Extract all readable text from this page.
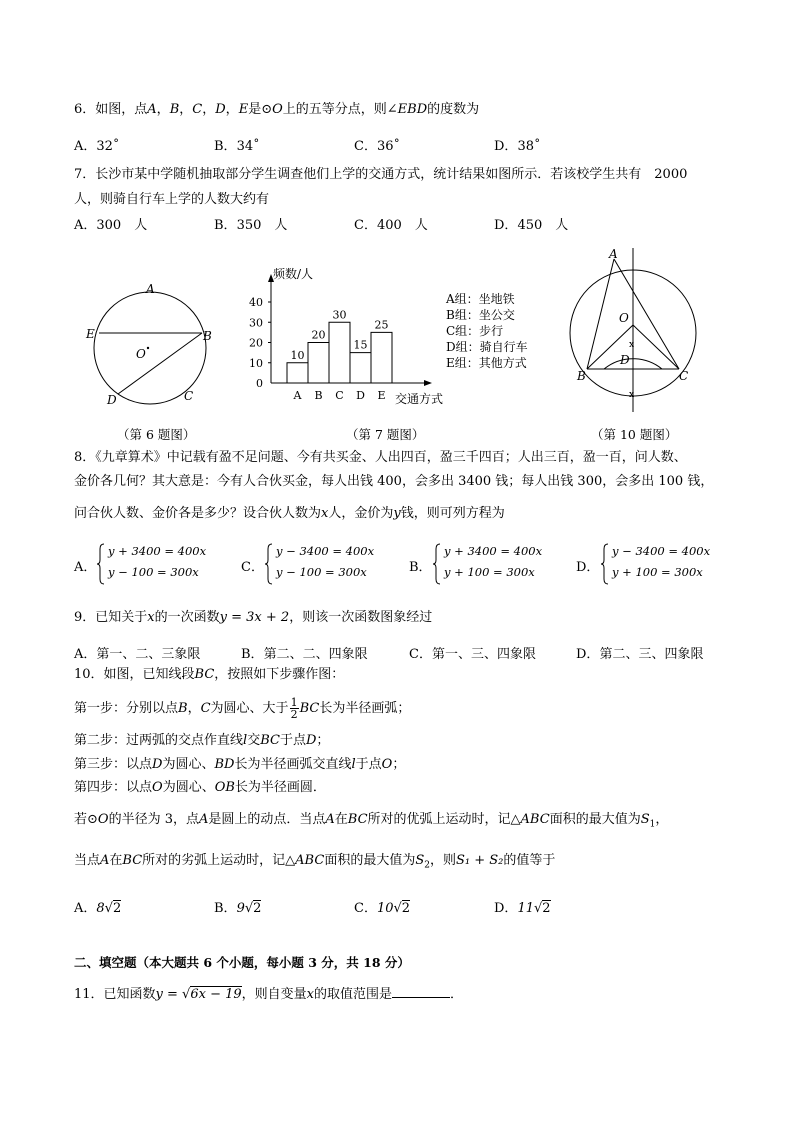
6．如图，点A，B，C，D，E是⊙O上的五等分点，则∠EBD的度数为
A．32˚	B．34˚	C．36˚	D．38˚
7．长沙市某中学随机抽取部分学生调查他们上学的交通方式，统计结果如图所示．若该校学生共有　2000
人，则骑自行车上学的人数大约有
A．300　人	B．350　人	C．400　人	D．450　人
A
E	B
O
D	C
（第 6 题图）
频数/人
交通方式
0
10
20
30
40
10
A
20
B
30
C
15
D
25
E
A组：坐地铁
B组：坐公交
C组：步行
D组：骑自行车
E组：其他方式
（第 7 题图）
x
x
A
O
D
B	C
（第 10 题图）
8．《九章算术》中记载有盈不足问题、今有共买金、人出四百，盈三千四百；人出三百，盈一百，问人数、
金价各几何？其大意是：今有人合伙买金，每人出钱 400，会多出 3400 钱；每人出钱 300，会多出 100 钱，
问合伙人数、金价各是多少？设合伙人数为x人，金价为y钱，则可列方程为
A．
y + 3400 = 400x
y − 100 = 300x	C．
y − 3400 = 400x
y − 100 = 300x	B．
y + 3400 = 400x
y + 100 = 300x	D．
y − 3400 = 400x
y + 100 = 300x
9．已知关于x的一次函数y = 3x + 2，则该一次函数图象经过
A．第一、二、三象限	B．第二、二、四象限	C．第一、三、四象限	D．第二、三、四象限
10．如图，已知线段BC，按照如下步骤作图：
第一步：分别以点B，C为圆心、大于 $\frac{1}{2}$ BC长为半径画弧；
第二步：过两弧的交点作直线l交BC于点D；
第三步：以点D为圆心、BD长为半径画弧交直线l于点O；
第四步：以点O为圆心、OB长为半径画圆．
若⊙O的半径为 3，点A是圆上的动点．当点A在BC所对的优弧上运动时，记△ABC面积的最大值为$S_1$，
当点A在BC所对的劣弧上运动时，记△ABC面积的最大值为$S_2$，则S₁ + S₂的值等于
A．8√2	B．9√2	C．10√2	D．11√2
二、填空题（本大题共 6 个小题，每小题 3 分，共 18 分）
11．已知函数y = √6x − 19，则自变量x的取值范围是	．
